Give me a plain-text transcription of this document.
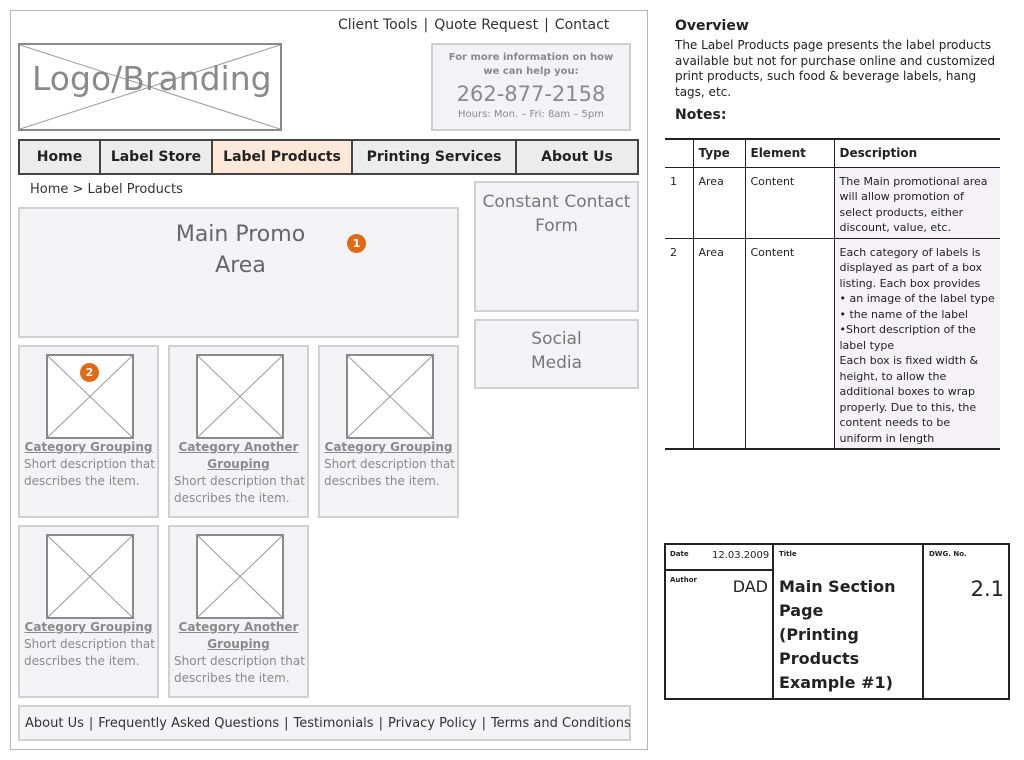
Client Tools | Quote Request | Contact
Logo/Branding
For more information on how we can help you:
262-877-2158
Hours: Mon. – Fri: 8am – 5pm
Home	Label Store	Label Products	Printing Services	About Us
Home > Label Products
Main Promo
Area
1
Constant Contact
Form
Social
Media
2
Category Grouping
Short description that
describes the item.
Category Another
Grouping
Short description that
describes the item.
Category Grouping
Short description that
describes the item.
Category Grouping
Short description that
describes the item.
Category Another
Grouping
Short description that
describes the item.
About Us | Frequently Asked Questions | Testimonials | Privacy Policy | Terms and Conditions
Overview
The Label Products page presents the label products available but not for purchase online and customized print products, such food & beverage labels, hang tags, etc.
Notes:
	Type	Element	Description
1	Area	Content	The Main promotional area will allow promotion of select products, either discount, value, etc.

2	Area	Content	Each category of labels is displayed as part of a box listing. Each box provides
• an image of the label type
• the name of the label
•Short description of the label type
Each box is fixed width & height, to allow the additional boxes to wrap properly. Due to this, the content needs to be uniform in length
Date 12.03.2009
Author DAD
Title
Main Section
Page
(Printing
Products
Example #1)
DWG. No.
2.1
